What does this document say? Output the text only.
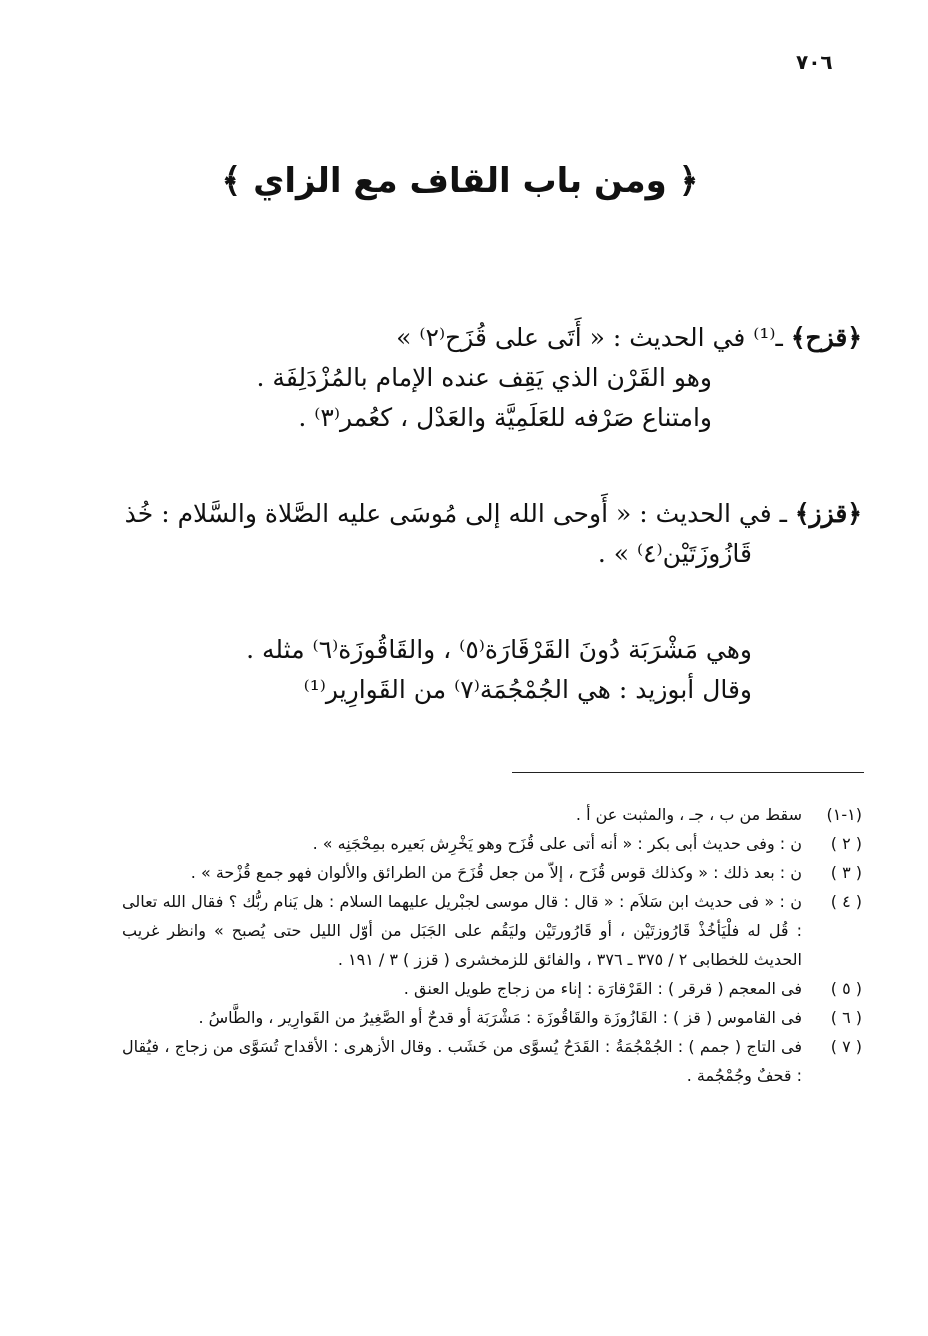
٧٠٦
﴿ ومن باب القاف مع الزاي ﴾
﴿قزح﴾ ـ⁽¹⁾ في الحديث : « أَتَى على قُزَح⁽٢⁾ »
وهو القَرْن الذي يَقِف عنده الإمام بالمُزْدَلِفَة .
وامتناع صَرْفه للعَلَمِيَّة والعَدْل ، كعُمر⁽٣⁾ .
﴿قزز﴾ ـ في الحديث : « أَوحى الله إلى مُوسَى عليه الصَّلاة والسَّلام : خُذ
قَازُوزَتَيْن⁽٤⁾ » .
وهي مَشْرَبَة دُونَ القَرْقَارَة⁽٥⁾ ، والقَاقُوزَة⁽٦⁾ مثله .
وقال أبوزيد : هي الجُمْجُمَة⁽٧⁾ من القَوارِير⁽¹⁾
(١-١)
سقط من ب ، جـ ، والمثبت عن أ .
( ٢ )
ن : وفى حديث أبى بكر : « أنه أتى على قُزَح وهو يَخْرِش بَعيره بمِحْجَنِه » .
( ٣ )
ن : بعد ذلك : « وكذلك قوس قُزَح ، إلاّ من جعل قُزَحَ من الطرائق والألوان فهو جمع قُزْحة » .
( ٤ )
ن : « فى حديث ابن سَلاَم : « قال : قال موسى لجبْريل عليهما السلام : هل يَنام ربُّك ؟ فقال الله تعالى : قُل له فلْيَأخُذْ قَارُوزتَيْن ، أو قَارُورتَيْن وليَقُم على الجَبَل من أوّل الليل حتى يُصبح » وانظر غريب الحديث للخطابى ٢ / ٣٧٥ ـ ٣٧٦ ، والفائق للزمخشرى ( قزز ) ٣ / ١٩١ .
( ٥ )
فى المعجم ( قرقر ) : القَرْقارَة : إناء من زجاج طويل العنق .
( ٦ )
فى القاموس ( قز ) : القَازُوزَة والقَاقُوزَة : مَشْرَبَة أو قدحٌ أو الصَّغِيرُ من القَوارِير ، والطَّاسُ .
( ٧ )
فى التاج ( جمم ) : الجُمْجُمَةُ : القَدَحُ يُسوَّى من خَشَب . وقال الأزهرى : الأقداح تُسَوَّى من زجاج ، فيُقال : قحفٌ وجُمْجُمة .
